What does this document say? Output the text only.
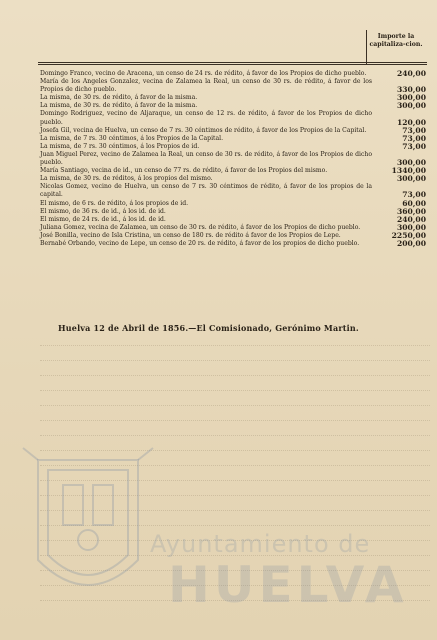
Importe la capitaliza-cion.
Domingo Franco, vecino de Aracena, un censo de 24 rs. de rédito, á favor de los Propios de dicho pueblo.	240,00
María de los Angeles Gonzalez, vecina de Zalamea la Real, un censo de 30 rs. de rédito, á favor de los Propios de dicho pueblo.	330,00
La misma, de 30 rs. de rédito, á favor de la misma.	300,00
La misma, de 30 rs. de rédito, á favor de la misma.	300,00
Domingo Rodriguez, vecino de Aljaraque, un censo de 12 rs. de rédito, á favor de los Propios de dicho pueblo.	120,00
Josefa Gil, vecina de Huelva, un censo de 7 rs. 30 céntimos de rédito, á favor de los Propios de la Capital.	73,00
La misma, de 7 rs. 30 céntimos, á los Propios de la Capital.	73,00
La misma, de 7 rs. 30 céntimos, á los Propios de id.	73,00
Juan Miguel Perez, vecino de Zalamea la Real, un censo de 30 rs. de rédito, á favor de los Propios de dicho pueblo.	300,00
María Santiago, vecina de id., un censo de 77 rs. de rédito, á favor de los Propios del mismo.	1340,00
La misma, de 30 rs. de réditos, á los propios del mismo.	300,00
Nicolas Gomez, vecino de Huelva, un censo de 7 rs. 30 céntimos de rédito, á favor de los propios de la capital.	73,00
El mismo, de 6 rs. de rédito, á los propios de id.	60,00
El mismo, de 36 rs. de id., á los id. de id.	360,00
El mismo, de 24 rs. de id., á los id. de id.	240,00
Juliana Gomez, vecina de Zalamea, un censo de 30 rs. de rédito, á favor de los Propios de dicho pueblo.	300,00
José Bonilla, vecino de Isla Cristina, un censo de 180 rs. de rédito á favor de los Propios de Lepe.	2250,00
Bernabé Orbando, vecino de Lepe, un censo de 20 rs. de rédito, á favor de los propios de dicho pueblo.	200,00
Huelva 12 de Abril de 1856.—El Comisionado, Gerónimo Martin.
Ayuntamiento de
HUELVA
